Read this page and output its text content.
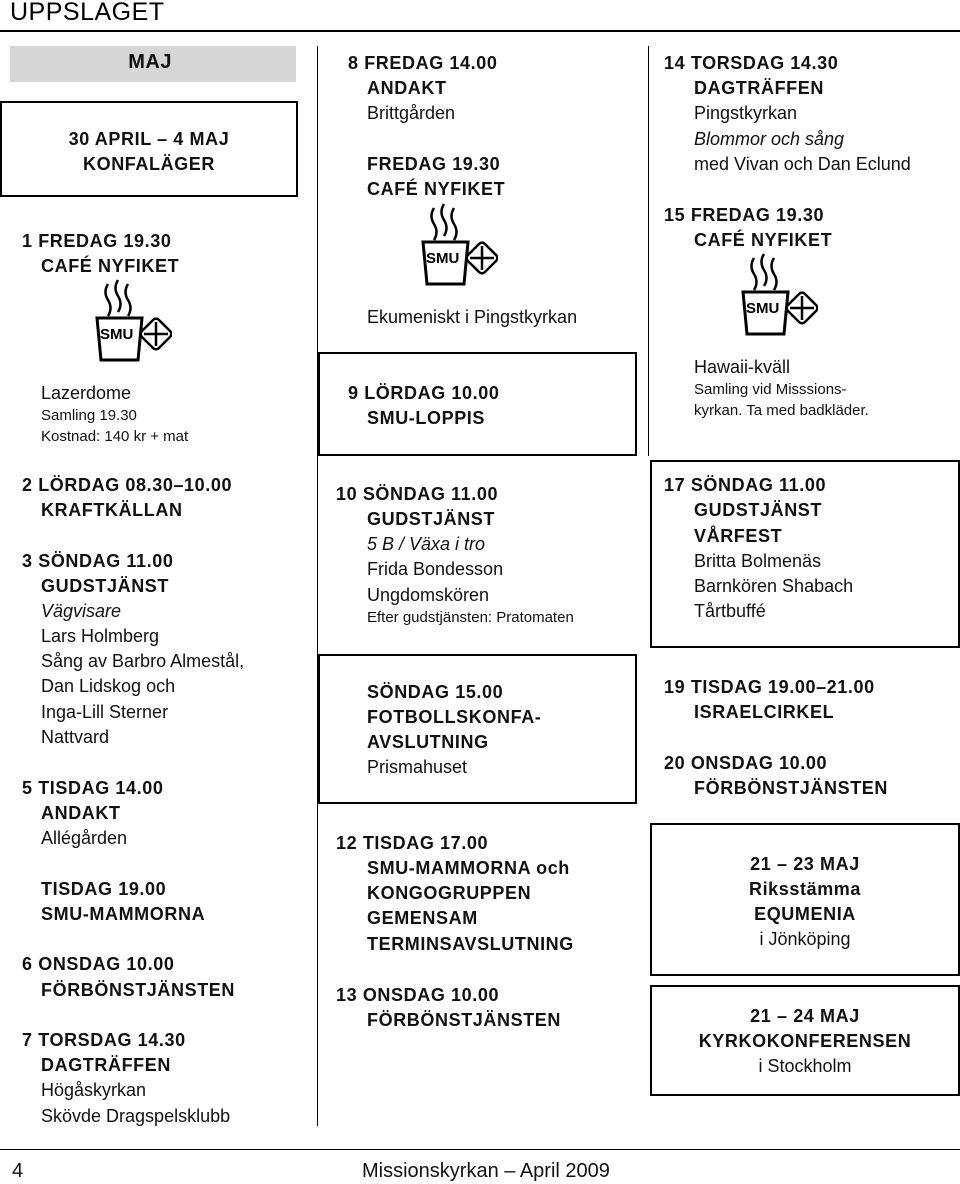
UPPSLAGET
MAJ
30 APRIL – 4 MAJ
KONFALÄGER
1 FREDAG 19.30
CAFÉ NYFIKET
SMU
Lazerdome
Samling 19.30
Kostnad: 140 kr + mat
2 LÖRDAG 08.30–10.00
KRAFTKÄLLAN
3 SÖNDAG 11.00
GUDSTJÄNST
Vägvisare
Lars Holmberg
Sång av Barbro Almestål,
Dan Lidskog och
Inga-Lill Sterner
Nattvard
5 TISDAG 14.00
ANDAKT
Allégården
TISDAG 19.00
SMU-MAMMORNA
6 ONSDAG 10.00
FÖRBÖNSTJÄNSTEN
7 TORSDAG 14.30
DAGTRÄFFEN
Högåskyrkan
Skövde Dragspelsklubb
8 FREDAG 14.00
ANDAKT
Brittgården
FREDAG 19.30
CAFÉ NYFIKET
SMU
Ekumeniskt i Pingstkyrkan
9 LÖRDAG 10.00
SMU-LOPPIS
10 SÖNDAG 11.00
GUDSTJÄNST
5 B / Växa i tro
Frida Bondesson
Ungdomskören
Efter gudstjänsten: Pratomaten
SÖNDAG 15.00
FOTBOLLSKONFA-
AVSLUTNING
Prismahuset
12 TISDAG 17.00
SMU-MAMMORNA och
KONGOGRUPPEN
GEMENSAM
TERMINSAVSLUTNING
13 ONSDAG 10.00
FÖRBÖNSTJÄNSTEN
14 TORSDAG 14.30
DAGTRÄFFEN
Pingstkyrkan
Blommor och sång
med Vivan och Dan Eclund
15 FREDAG 19.30
CAFÉ NYFIKET
SMU
Hawaii-kväll
Samling vid Misssions-
kyrkan. Ta med badkläder.
17 SÖNDAG 11.00
GUDSTJÄNST
VÅRFEST
Britta Bolmenäs
Barnkören Shabach
Tårtbuffé
19 TISDAG 19.00–21.00
ISRAELCIRKEL
20 ONSDAG 10.00
FÖRBÖNSTJÄNSTEN
21 – 23 MAJ
Riksstämma
EQUMENIA
i Jönköping
21 – 24 MAJ
KYRKOKONFERENSEN
i Stockholm
4	Missionskyrkan – April 2009
